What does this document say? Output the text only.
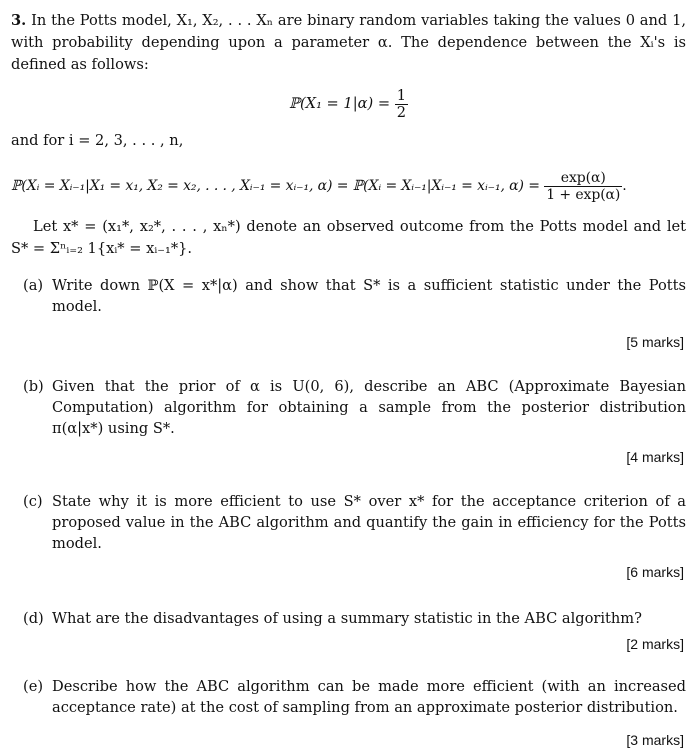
3. In the Potts model, X₁, X₂, . . . Xₙ are binary random variables taking the values 0 and 1, with probability depending upon a parameter α. The dependence between the Xᵢ's is defined as follows:

ℙ(X₁ = $1|\alpha) = \frac{1}{2}$

and for i = 2, 3, . . . , n,

ℙ(Xᵢ = Xᵢ₋₁|X₁ = x₁, X₂ = x₂, . . . , Xᵢ₋₁ = xᵢ₋₁, α) = ℙ(Xᵢ = Xᵢ₋₁|Xᵢ₋₁ = xᵢ₋₁, $\alpha) = \frac{\exp(\alpha)}{1 + \exp(\alpha)}$ .

Let x* = (x₁*, x₂*, . . . , xₙ*) denote an observed outcome from the Potts model and let S* = Σⁿᵢ₌₂ 1{xᵢ* = xᵢ₋₁*}.

(a) Write down ℙ(X = x*|α) and show that S* is a sufficient statistic under the Potts model.
[5 marks]
(b) Given that the prior of α is U(0, 6), describe an ABC (Approximate Bayesian Computation) algorithm for obtaining a sample from the posterior distribution π(α|x*) using S*.
[4 marks]
(c) State why it is more efficient to use S* over x* for the acceptance criterion of a proposed value in the ABC algorithm and quantify the gain in efficiency for the Potts model.
[6 marks]
(d) What are the disadvantages of using a summary statistic in the ABC algorithm?
[2 marks]
(e) Describe how the ABC algorithm can be made more efficient (with an increased acceptance rate) at the cost of sampling from an approximate posterior distribution.
[3 marks]
